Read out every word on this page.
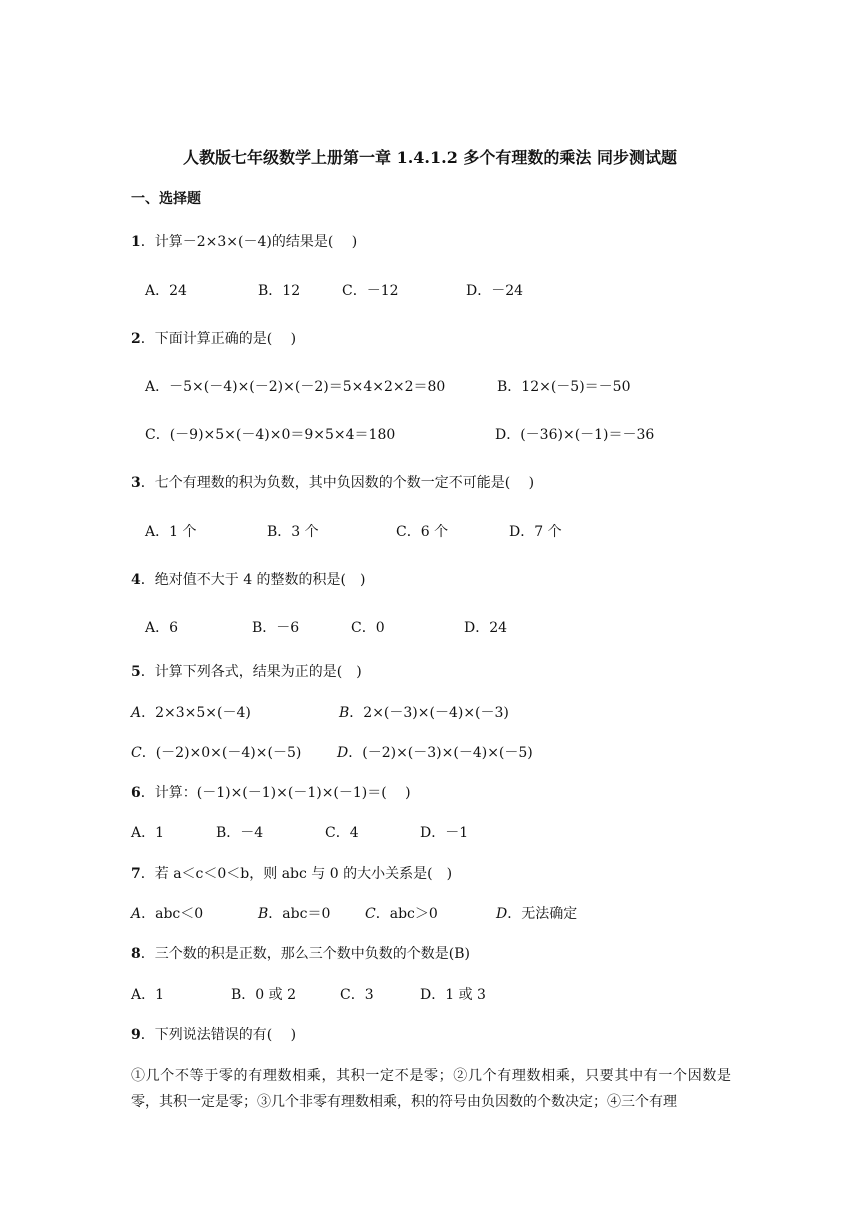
人教版七年级数学上册第一章 1.4.1.2 多个有理数的乘法 同步测试题
一、选择题
1．计算－2×3×(－4)的结果是(　 )
A．24	B．12	C．－12	D．－24
2．下面计算正确的是(　 )
A．－5×(－4)×(－2)×(－2)＝5×4×2×2＝80	B．12×(－5)＝－50
C．(－9)×5×(－4)×0＝9×5×4＝180	D．(－36)×(－1)＝－36
3．七个有理数的积为负数，其中负因数的个数一定不可能是(　 )
A．1 个	B．3 个	C．6 个	D．7 个
4．绝对值不大于 4 的整数的积是(　)
A．6	B．－6	C．0	D．24
5．计算下列各式，结果为正的是(　)
A．2×3×5×(－4)	B．2×(－3)×(－4)×(－3)
C．(－2)×0×(－4)×(－5)	D．(－2)×(－3)×(－4)×(－5)
6．计算：(－1)×(－1)×(－1)×(－1)＝(　 )
A．1	B．－4	C．4	D．－1
7．若 a＜c＜0＜b，则 abc 与 0 的大小关系是(　)
A．abc＜0	B．abc＝0 C．abc＞0	D．无法确定
8．三个数的积是正数，那么三个数中负数的个数是(B)
A．1	B．0 或 2	C．3	D．1 或 3
9．下列说法错误的有(　 )
①几个不等于零的有理数相乘，其积一定不是零；②几个有理数相乘，只要其中有一个因数是零，其积一定是零；③几个非零有理数相乘，积的符号由负因数的个数决定；④三个有理
